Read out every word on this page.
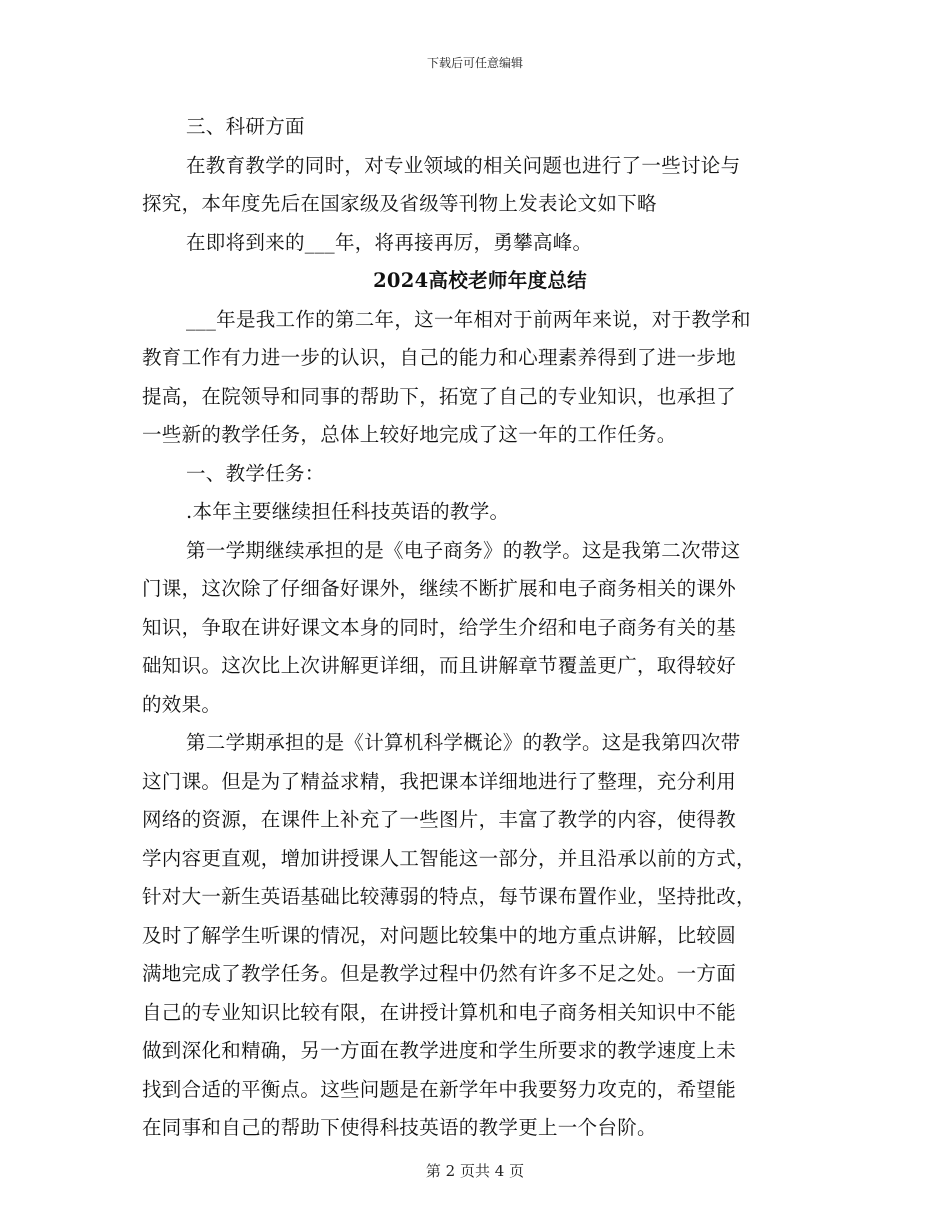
下载后可任意编辑
三、科研方面
在教育教学的同时，对专业领域的相关问题也进行了一些讨论与
探究，本年度先后在国家级及省级等刊物上发表论文如下略
在即将到来的___年，将再接再厉，勇攀高峰。
2024高校老师年度总结
___年是我工作的第二年，这一年相对于前两年来说，对于教学和
教育工作有力进一步的认识，自己的能力和心理素养得到了进一步地
提高，在院领导和同事的帮助下，拓宽了自己的专业知识，也承担了
一些新的教学任务，总体上较好地完成了这一年的工作任务。
一、教学任务：
.本年主要继续担任科技英语的教学。
第一学期继续承担的是《电子商务》的教学。这是我第二次带这
门课，这次除了仔细备好课外，继续不断扩展和电子商务相关的课外
知识，争取在讲好课文本身的同时，给学生介绍和电子商务有关的基
础知识。这次比上次讲解更详细，而且讲解章节覆盖更广，取得较好
的效果。
第二学期承担的是《计算机科学概论》的教学。这是我第四次带
这门课。但是为了精益求精，我把课本详细地进行了整理，充分利用
网络的资源，在课件上补充了一些图片，丰富了教学的内容，使得教
学内容更直观，增加讲授课人工智能这一部分，并且沿承以前的方式，
针对大一新生英语基础比较薄弱的特点，每节课布置作业，坚持批改，
及时了解学生听课的情况，对问题比较集中的地方重点讲解，比较圆
满地完成了教学任务。但是教学过程中仍然有许多不足之处。一方面
自己的专业知识比较有限，在讲授计算机和电子商务相关知识中不能
做到深化和精确，另一方面在教学进度和学生所要求的教学速度上未
找到合适的平衡点。这些问题是在新学年中我要努力攻克的，希望能
在同事和自己的帮助下使得科技英语的教学更上一个台阶。
第 2 页共 4 页
